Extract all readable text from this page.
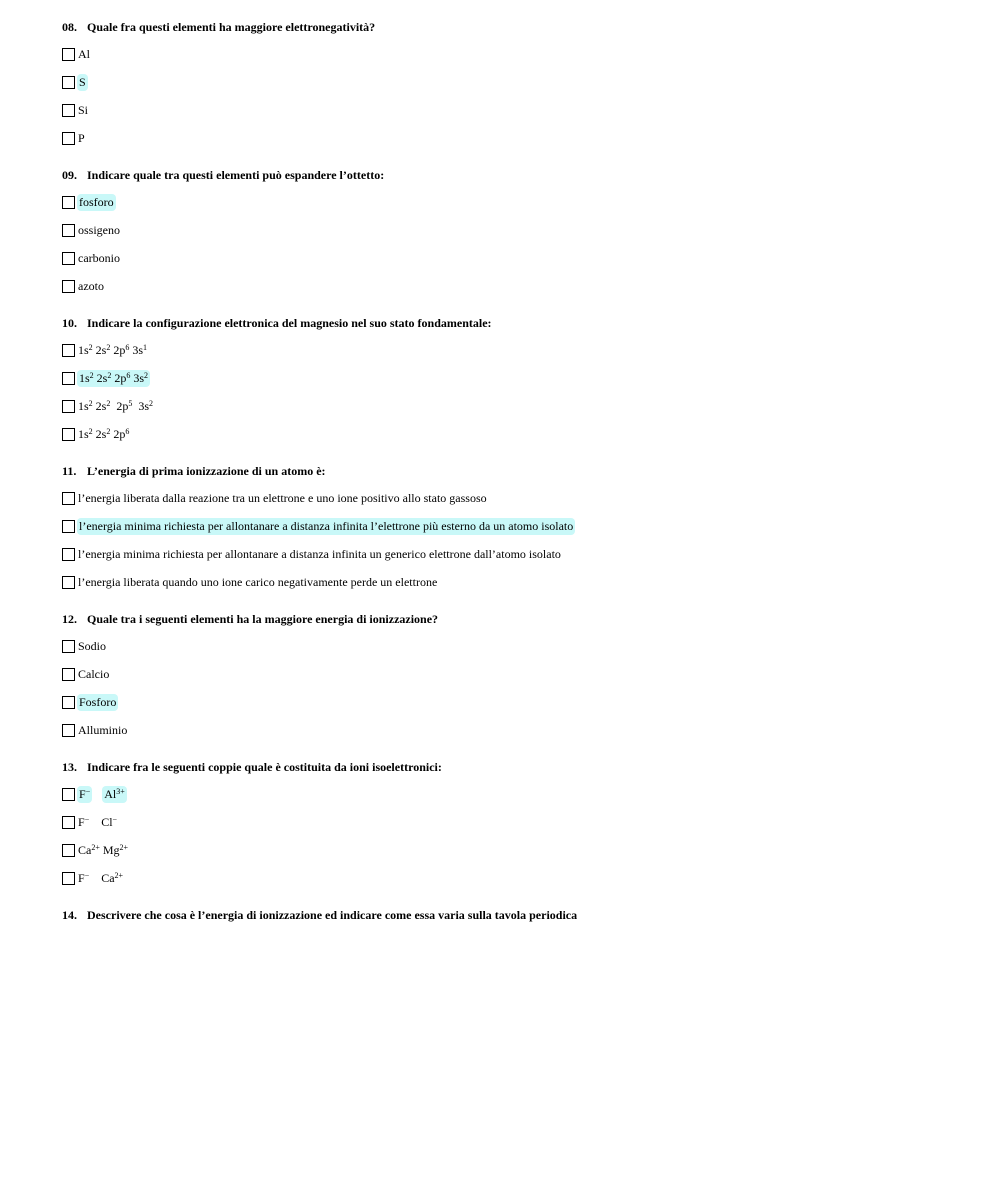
08. Quale fra questi elementi ha maggiore elettronegatività?
Al
S
Si
P
09. Indicare quale tra questi elementi può espandere l’ottetto:
fosforo
ossigeno
carbonio
azoto
10. Indicare la configurazione elettronica del magnesio nel suo stato fondamentale:
$1s^2$ $2s^2$ $2p^6$ $3s^1$
$1s^2$ $2s^2$ $2p^6$ $3s^2$
$1s^2$ $2s^2$  $2p^5$  $3s^2$
$1s^2$ $2s^2$ $2p^6$
11. L’energia di prima ionizzazione di un atomo è:
l’energia liberata dalla reazione tra un elettrone e uno ione positivo allo stato gassoso
l’energia minima richiesta per allontanare a distanza infinita l’elettrone più esterno da un atomo isolato
l’energia minima richiesta per allontanare a distanza infinita un generico elettrone dall’atomo isolato
l’energia liberata quando uno ione carico negativamente perde un elettrone
12. Quale tra i seguenti elementi ha la maggiore energia di ionizzazione?
Sodio
Calcio
Fosforo
Alluminio
13. Indicare fra le seguenti coppie quale è costituita da ioni isoelettronici:
F− $Al^{3+}$
F− Cl−
$Ca^{2+}$ $Mg^{2+}$
F− $Ca^{2+}$
14. Descrivere che cosa è l’energia di ionizzazione ed indicare come essa varia sulla tavola periodica
